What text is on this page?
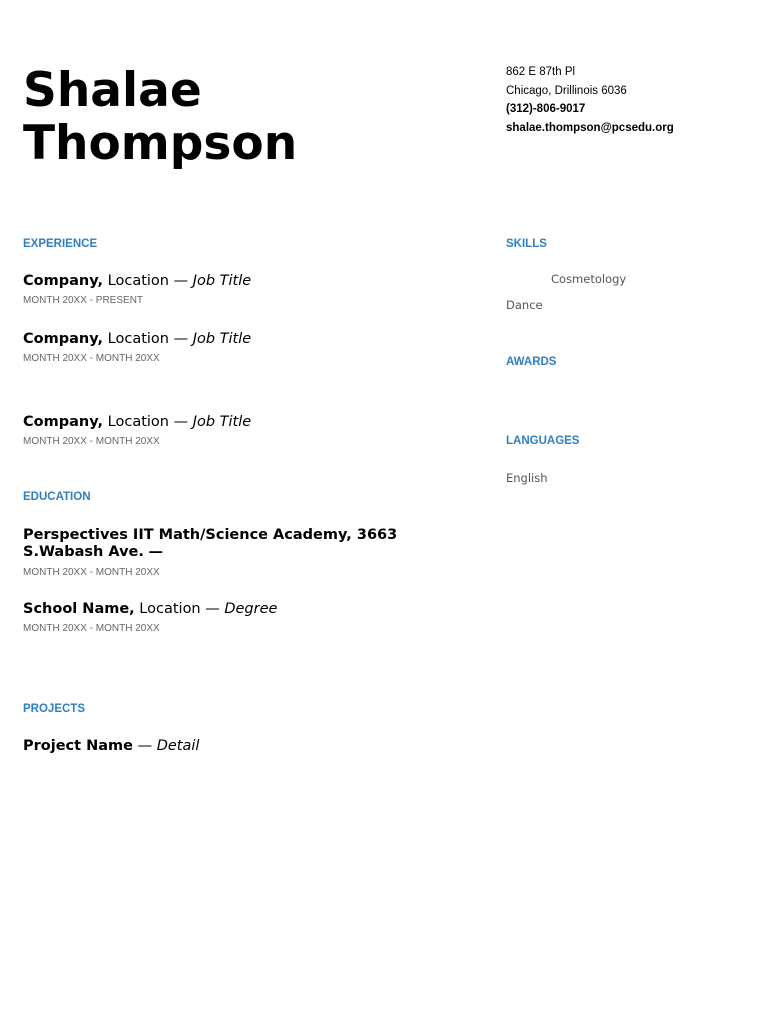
Shalae
Thompson
862 E 87th Pl
Chicago, Drillinois 6036
(312)-806-9017
shalae.thompson@pcsedu.org
EXPERIENCE
Company, Location — Job Title
MONTH 20XX - PRESENT
Company, Location — Job Title
MONTH 20XX - MONTH 20XX
Company, Location — Job Title
MONTH 20XX - MONTH 20XX
EDUCATION
Perspectives IIT Math/Science Academy, 3663 S.Wabash Ave. —
MONTH 20XX - MONTH 20XX
School Name, Location — Degree
MONTH 20XX - MONTH 20XX
PROJECTS
Project Name — Detail
SKILLS
Cosmetology
Dance
AWARDS
LANGUAGES
English
